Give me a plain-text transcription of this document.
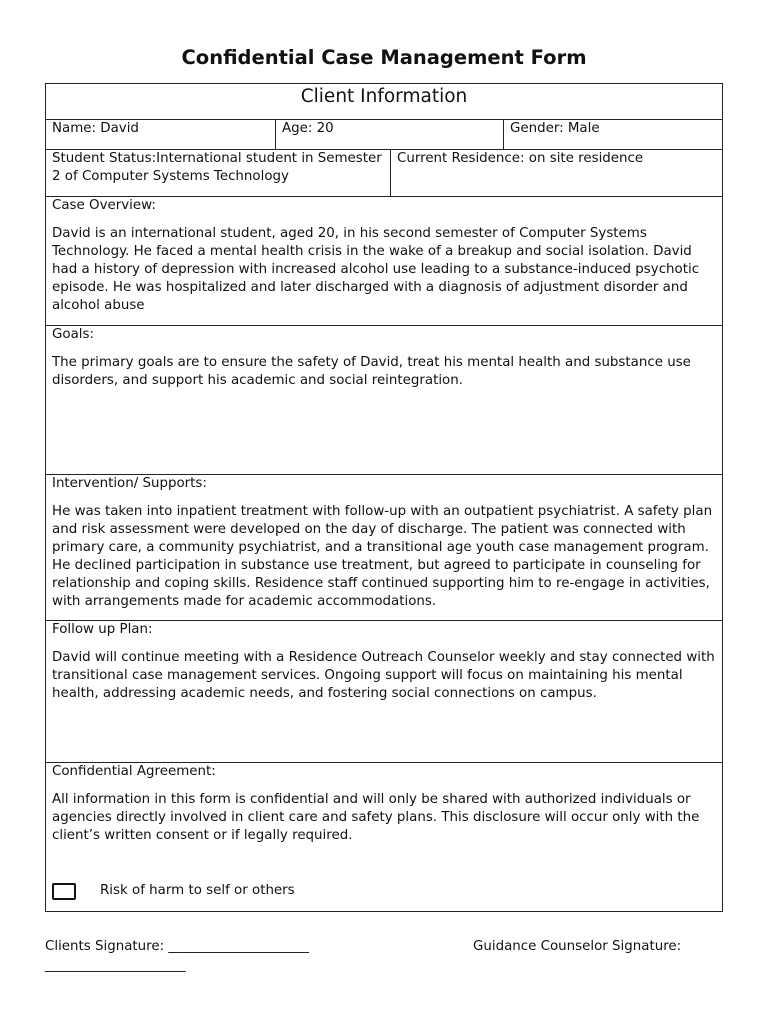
Confidential Case Management Form
Client Information
Name: David	Age: 20	Gender: Male
Student Status:International student in Semester 2 of Computer Systems Technology
Current Residence: on site residence
Case Overview:
David is an international student, aged 20, in his second semester of Computer Systems Technology. He faced a mental health crisis in the wake of a breakup and social isolation. David had a history of depression with increased alcohol use leading to a substance-induced psychotic episode. He was hospitalized and later discharged with a diagnosis of adjustment disorder and alcohol abuse
Goals:
The primary goals are to ensure the safety of David, treat his mental health and substance use disorders, and support his academic and social reintegration.
Intervention/ Supports:
He was taken into inpatient treatment with follow-up with an outpatient psychiatrist. A safety plan and risk assessment were developed on the day of discharge. The patient was connected with primary care, a community psychiatrist, and a transitional age youth case management program. He declined participation in substance use treatment, but agreed to participate in counseling for relationship and coping skills. Residence staff continued supporting him to re-engage in activities, with arrangements made for academic accommodations.
Follow up Plan:
David will continue meeting with a Residence Outreach Counselor weekly and stay connected with transitional case management services. Ongoing support will focus on maintaining his mental health, addressing academic needs, and fostering social connections on campus.
Confidential Agreement:
All information in this form is confidential and will only be shared with authorized individuals or agencies directly involved in client care and safety plans. This disclosure will occur only with the client’s written consent or if legally required.
Risk of harm to self or others
Clients Signature: _____________________	Guidance Counselor Signature:
_____________________
